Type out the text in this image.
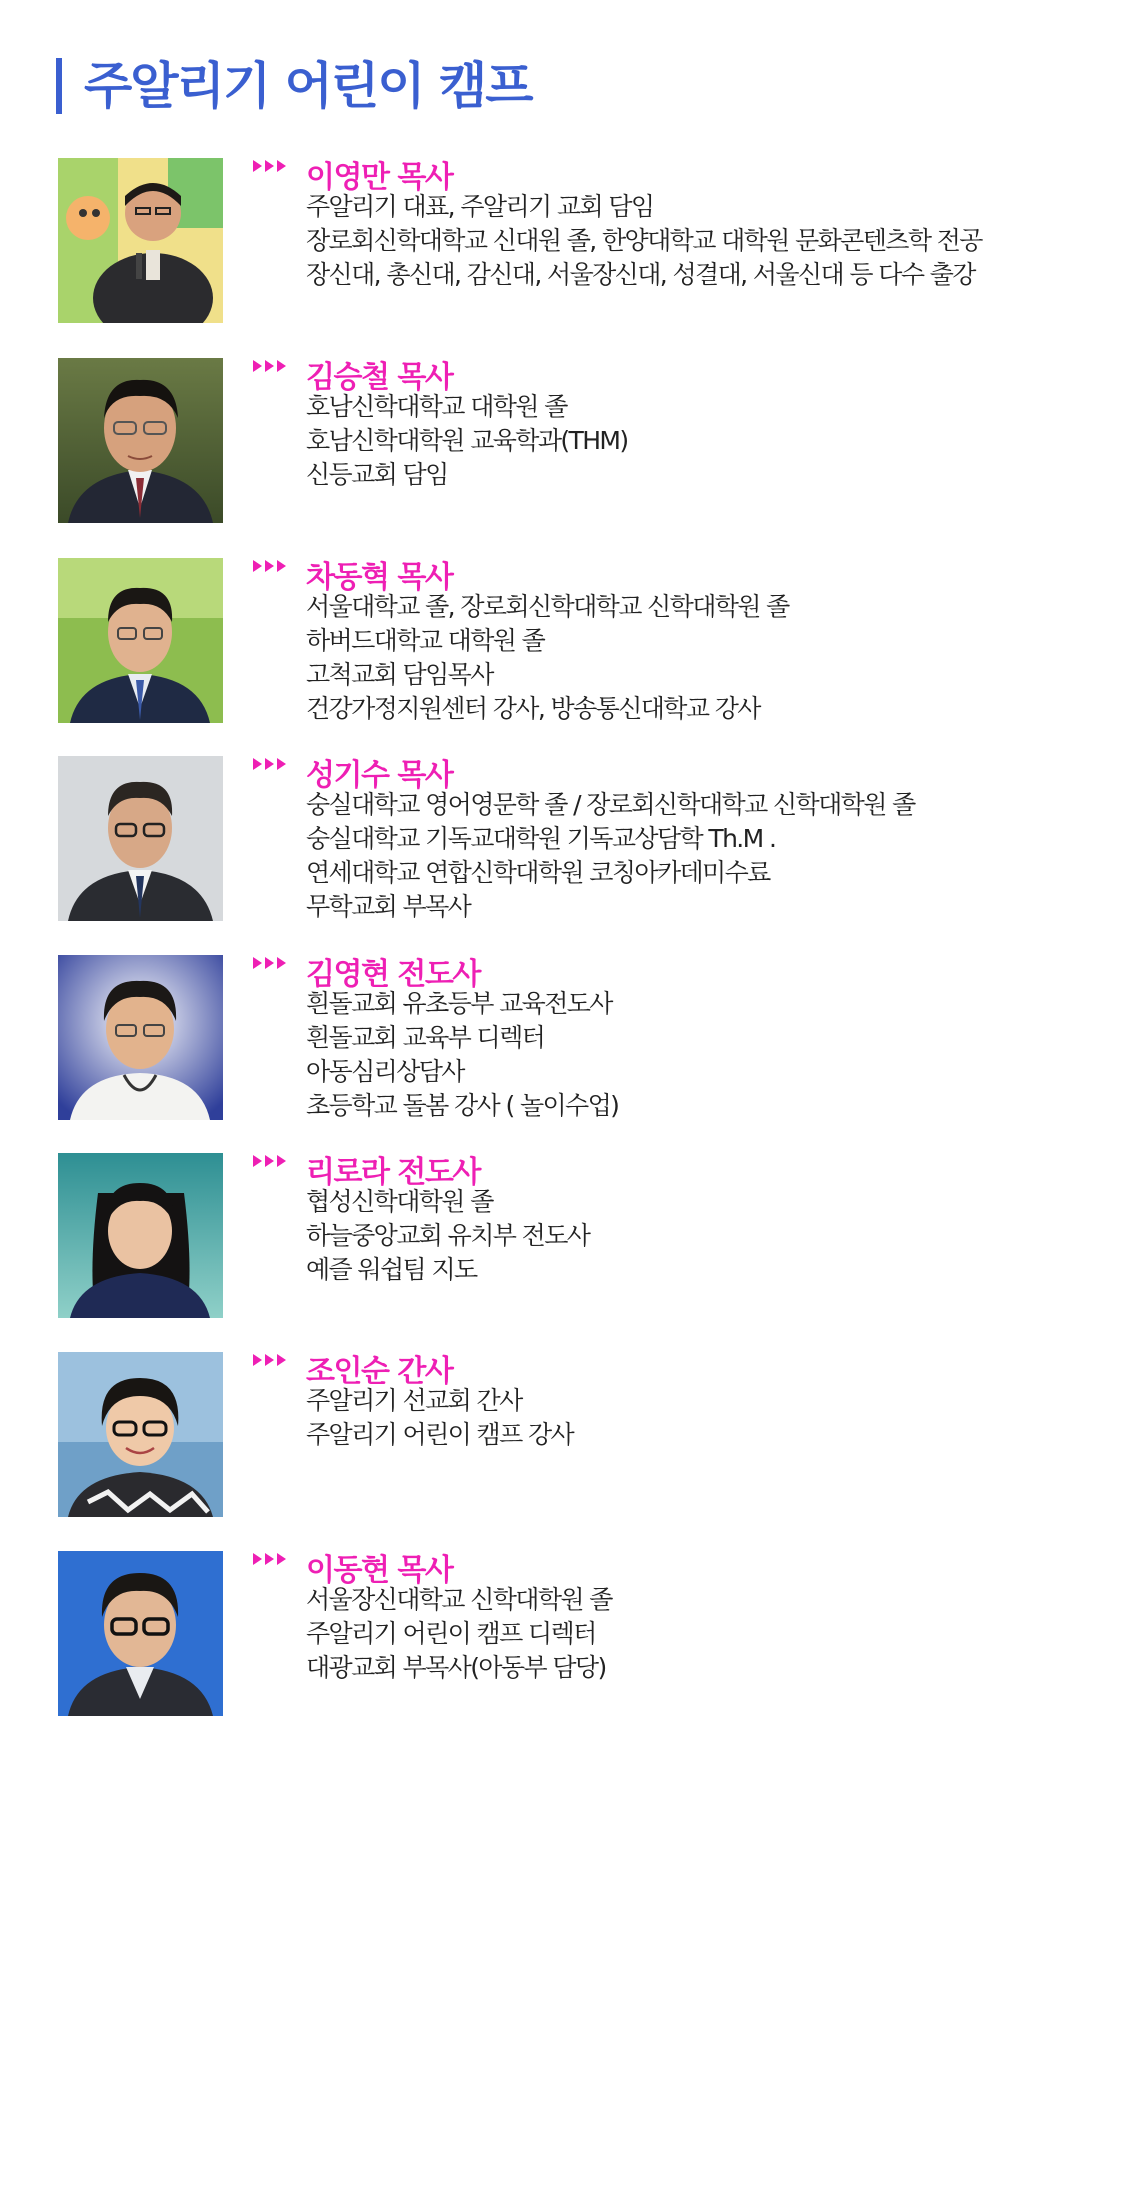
주알리기 어린이 캠프
이영만 목사
주알리기 대표, 주알리기 교회 담임
장로회신학대학교 신대원 졸, 한양대학교 대학원 문화콘텐츠학 전공
장신대, 총신대, 감신대, 서울장신대, 성결대, 서울신대 등 다수 출강
김승철 목사
호남신학대학교 대학원 졸
호남신학대학원 교육학과(THM)
신등교회 담임
차동혁 목사
서울대학교 졸, 장로회신학대학교 신학대학원 졸
하버드대학교 대학원 졸
고척교회 담임목사
건강가정지원센터 강사, 방송통신대학교 강사
성기수 목사
숭실대학교 영어영문학 졸 / 장로회신학대학교 신학대학원 졸
숭실대학교 기독교대학원 기독교상담학 Th.M .
연세대학교 연합신학대학원 코칭아카데미수료
무학교회 부목사
김영현 전도사
흰돌교회 유초등부 교육전도사
흰돌교회 교육부 디렉터
아동심리상담사
초등학교 돌봄 강사 ( 놀이수업)
리로라 전도사
협성신학대학원 졸
하늘중앙교회 유치부 전도사
예즐 워쉽팀 지도
조인순 간사
주알리기 선교회 간사
주알리기 어린이 캠프 강사
이동현 목사
서울장신대학교 신학대학원 졸
주알리기 어린이 캠프 디렉터
대광교회 부목사(아동부 담당)
